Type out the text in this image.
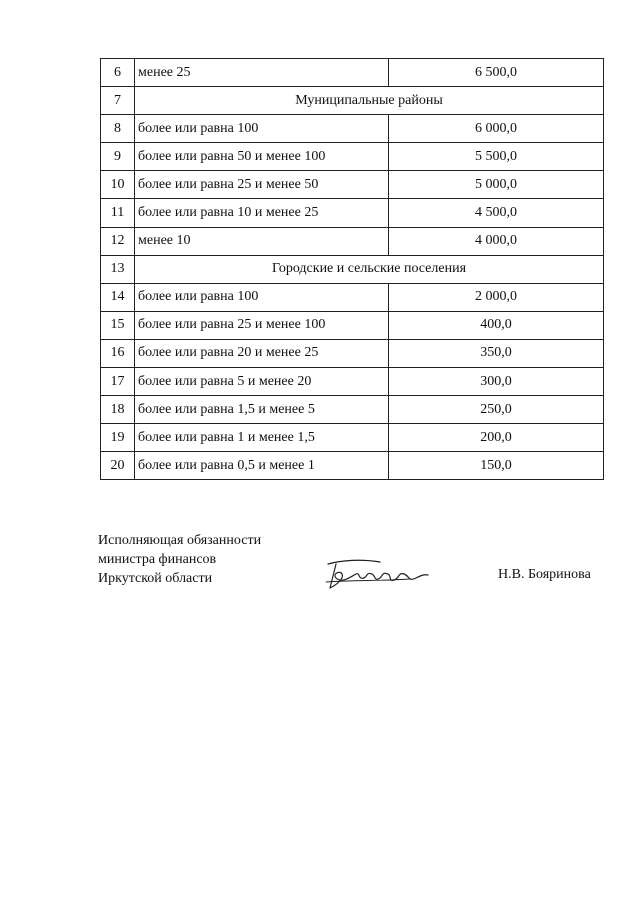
6	менее 25	6 500,0
7	Муниципальные районы	
8	более или равна 100	6 000,0
9	более или равна 50 и менее 100	5 500,0
10	более или равна 25 и менее 50	5 000,0
11	более или равна 10 и менее 25	4 500,0
12	менее 10	4 000,0
13	Городские и сельские поселения	
14	более или равна 100	2 000,0
15	более или равна 25 и менее 100	400,0
16	более или равна 20 и менее 25	350,0
17	более или равна 5 и менее 20	300,0
18	более или равна 1,5 и менее 5	250,0
19	более или равна 1 и менее 1,5	200,0
20	более или равна 0,5 и менее 1	150,0
Исполняющая обязанности
министра финансов
Иркутской области	Н.В. Бояринова
